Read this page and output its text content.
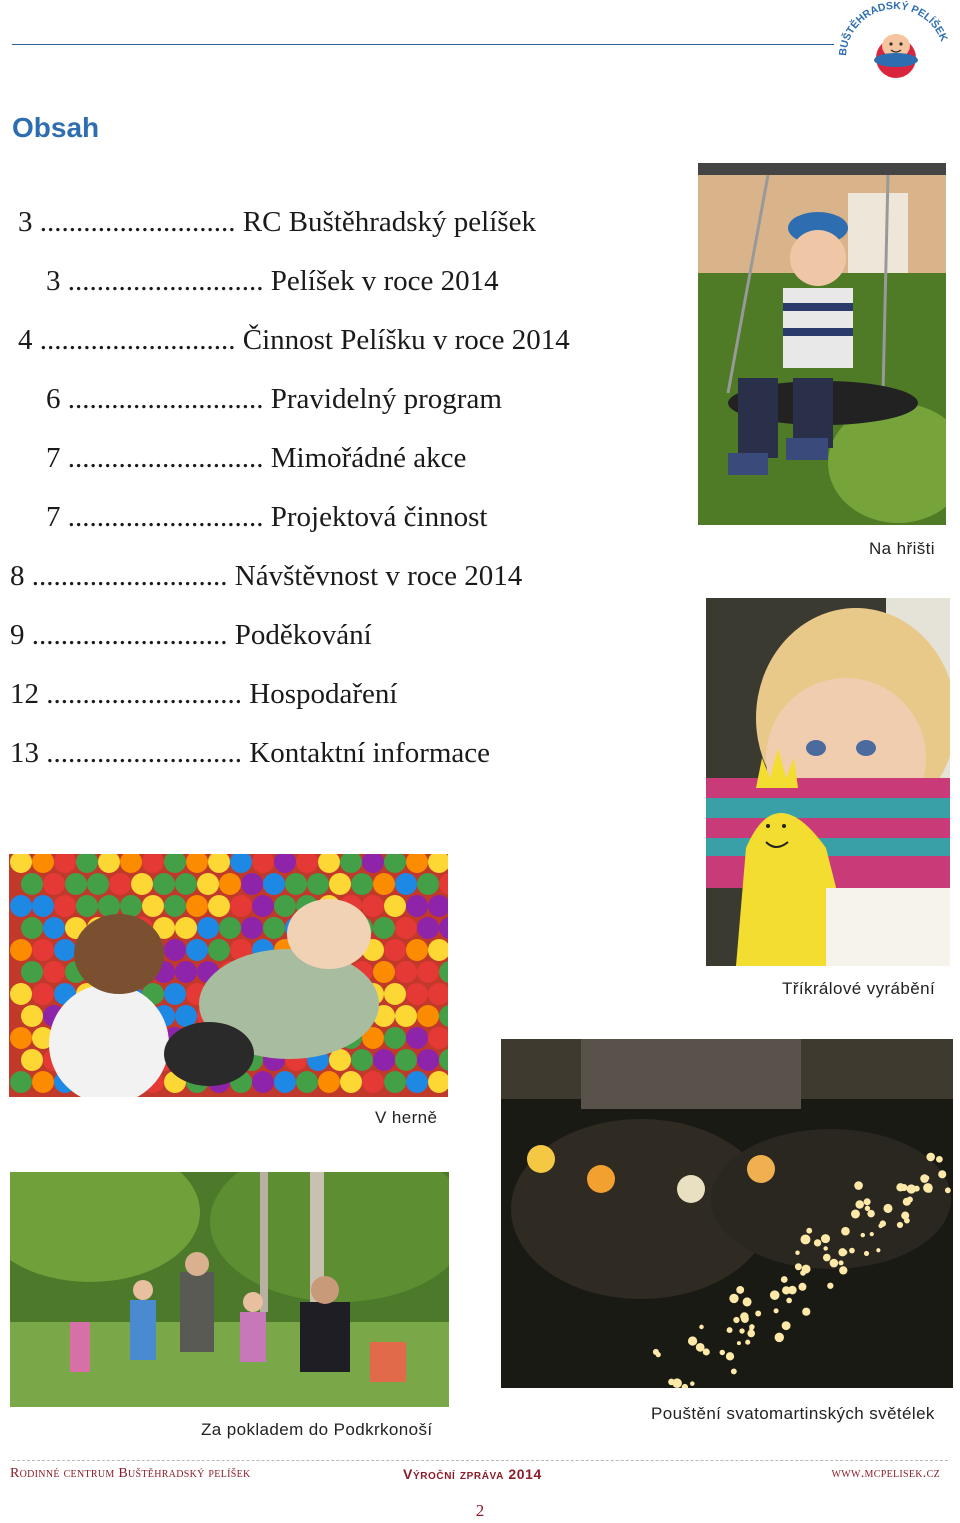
BUŠTĚHRADSKÝ PELÍŠEK
Obsah
3 ........................... RC Buštěhradský pelíšek
3 ........................... Pelíšek v roce 2014
4 ........................... Činnost Pelíšku v roce 2014
6 ........................... Pravidelný program
7 ........................... Mimořádné akce
7 ........................... Projektová činnost
8 ........................... Návštěvnost v roce 2014
9 ........................... Poděkování
12 ........................... Hospodaření
13 ........................... Kontaktní informace
Na hřišti
Tříkrálové vyrábění
V herně
Pouštění svatomartinských světélek
Za pokladem do Podkrkonoší
Rodinné centrum Buštěhradský pelíšek	Výroční zpráva 2014	www.mcpelisek.cz
2
